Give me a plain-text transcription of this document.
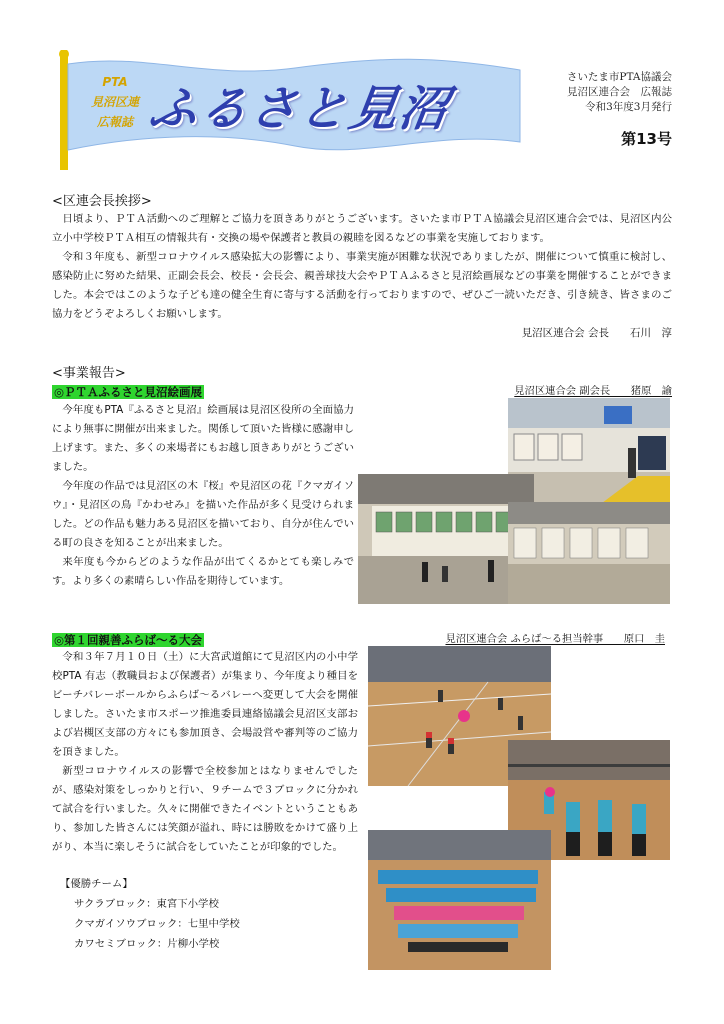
PTA
見沼区連
広報誌 ふるさと見沼
さいたま市PTA協議会
見沼区連合会　広報誌
令和3年度3月発行
第13号
<区連会長挨拶>

日頃より、ＰＴＡ活動へのご理解とご協力を頂きありがとうございます。さいたま市ＰＴＡ協議会見沼区連合会では、見沼区内公立小中学校ＰＴＡ相互の情報共有・交換の場や保護者と教員の親睦を図るなどの事業を実施しております。

令和３年度も、新型コロナウイルス感染拡大の影響により、事業実施が困難な状況でありましたが、開催について慎重に検討し、感染防止に努めた結果、正副会長会、校長・会長会、親善球技大会やＰＴＡふるさと見沼絵画展などの事業を開催することができました。本会ではこのような子ども達の健全生育に寄与する活動を行っておりますので、ぜひご一読いただき、引き続き、皆さまのご協力をどうぞよろしくお願いします。

見沼区連合会 会長　　石川　淳
<事業報告>
◎ＰＴＡふるさと見沼絵画展	見沼区連合会 副会長　　猪原　諭

今年度もPTA『ふるさと見沼』絵画展は見沼区役所の全面協力により無事に開催が出来ました。関係して頂いた皆様に感謝申し上げます。また、多くの来場者にもお越し頂きありがとうございました。

今年度の作品では見沼区の木『桜』や見沼区の花『クマガイソウ』・見沼区の鳥『かわせみ』を描いた作品が多く見受けられました。どの作品も魅力ある見沼区を描いており、自分が住んでいる町の良さを知ることが出来ました。

来年度も今からどのような作品が出てくるかとても楽しみです。より多くの素晴らしい作品を期待しています。

◎第１回親善ふらば～る大会	見沼区連合会 ふらば～る担当幹事　　原口　圭

令和３年７月１０日（土）に大宮武道館にて見沼区内の小中学校PTA 有志（教職員および保護者）が集まり、今年度より種目をビーチバレーボールからふらば～るバレーへ変更して大会を開催しました。さいたま市スポーツ推進委員連絡協議会見沼区支部および岩槻区支部の方々にも参加頂き、会場設営や審判等のご協力を頂きました。

新型コロナウイルスの影響で全校参加とはなりませんでしたが、感染対策をしっかりと行い、９チームで３ブロックに分かれて試合を行いました。久々に開催できたイベントということもあり、参加した皆さんには笑顔が溢れ、時には勝敗をかけて盛り上がり、本当に楽しそうに試合をしていたことが印象的でした。

【優勝チーム】
サクラブロック：東宮下小学校
クマガイソウブロック：七里中学校
カワセミブロック：片柳小学校
